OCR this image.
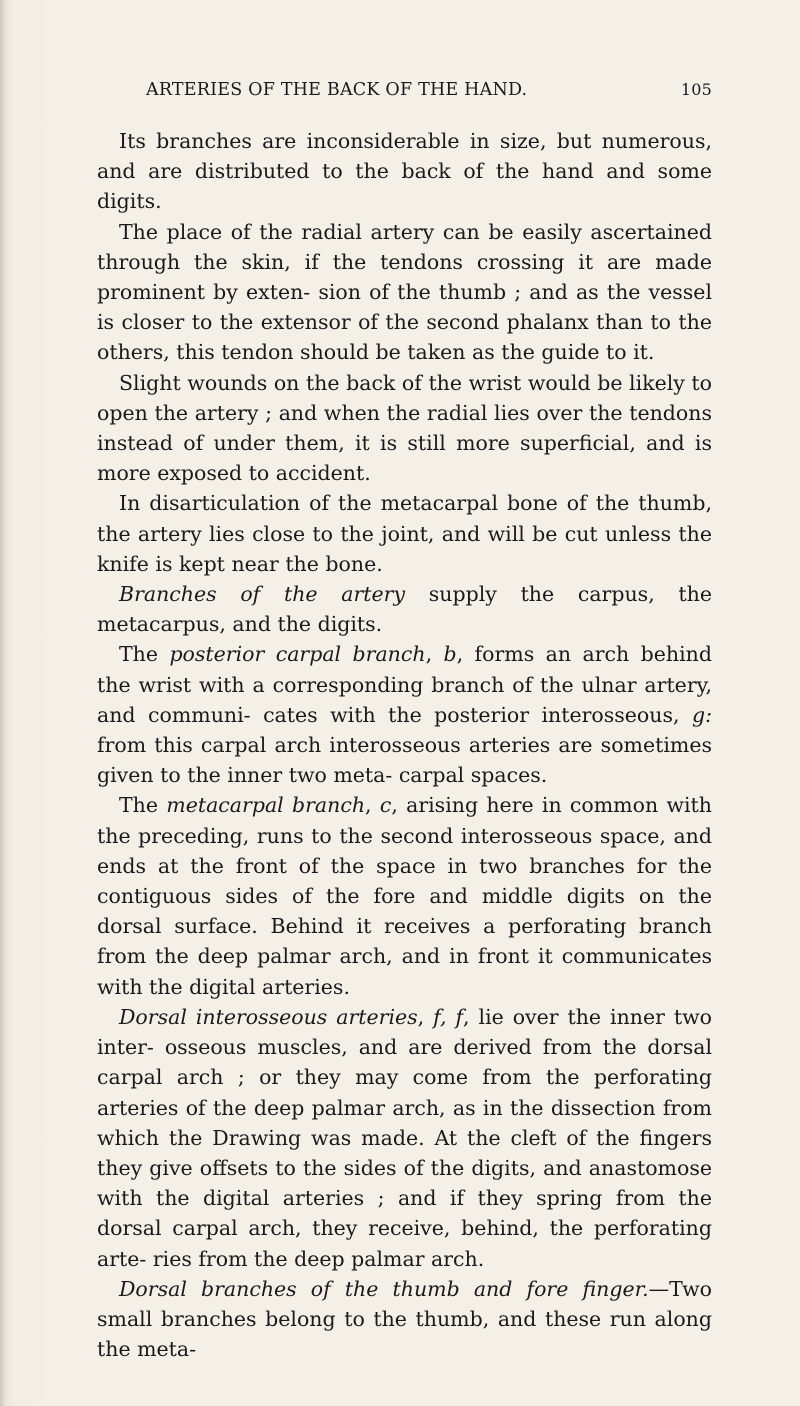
ARTERIES OF THE BACK OF THE HAND.	105

Its branches are inconsiderable in size, but numerous, and are distributed to the back of the hand and some digits.

The place of the radial artery can be easily ascertained through the skin, if the tendons crossing it are made prominent by exten- sion of the thumb ; and as the vessel is closer to the extensor of the second phalanx than to the others, this tendon should be taken as the guide to it.

Slight wounds on the back of the wrist would be likely to open the artery ; and when the radial lies over the tendons instead of under them, it is still more superficial, and is more exposed to accident.

In disarticulation of the metacarpal bone of the thumb, the artery lies close to the joint, and will be cut unless the knife is kept near the bone.

Branches of the artery supply the carpus, the metacarpus, and the digits.

The posterior carpal branch, b, forms an arch behind the wrist with a corresponding branch of the ulnar artery, and communi- cates with the posterior interosseous, g: from this carpal arch interosseous arteries are sometimes given to the inner two meta- carpal spaces.

The metacarpal branch, c, arising here in common with the preceding, runs to the second interosseous space, and ends at the front of the space in two branches for the contiguous sides of the fore and middle digits on the dorsal surface. Behind it receives a perforating branch from the deep palmar arch, and in front it communicates with the digital arteries.

Dorsal interosseous arteries, f, f, lie over the inner two inter- osseous muscles, and are derived from the dorsal carpal arch ; or they may come from the perforating arteries of the deep palmar arch, as in the dissection from which the Drawing was made. At the cleft of the fingers they give offsets to the sides of the digits, and anastomose with the digital arteries ; and if they spring from the dorsal carpal arch, they receive, behind, the perforating arte- ries from the deep palmar arch.

Dorsal branches of the thumb and fore finger.—Two small branches belong to the thumb, and these run along the meta-
